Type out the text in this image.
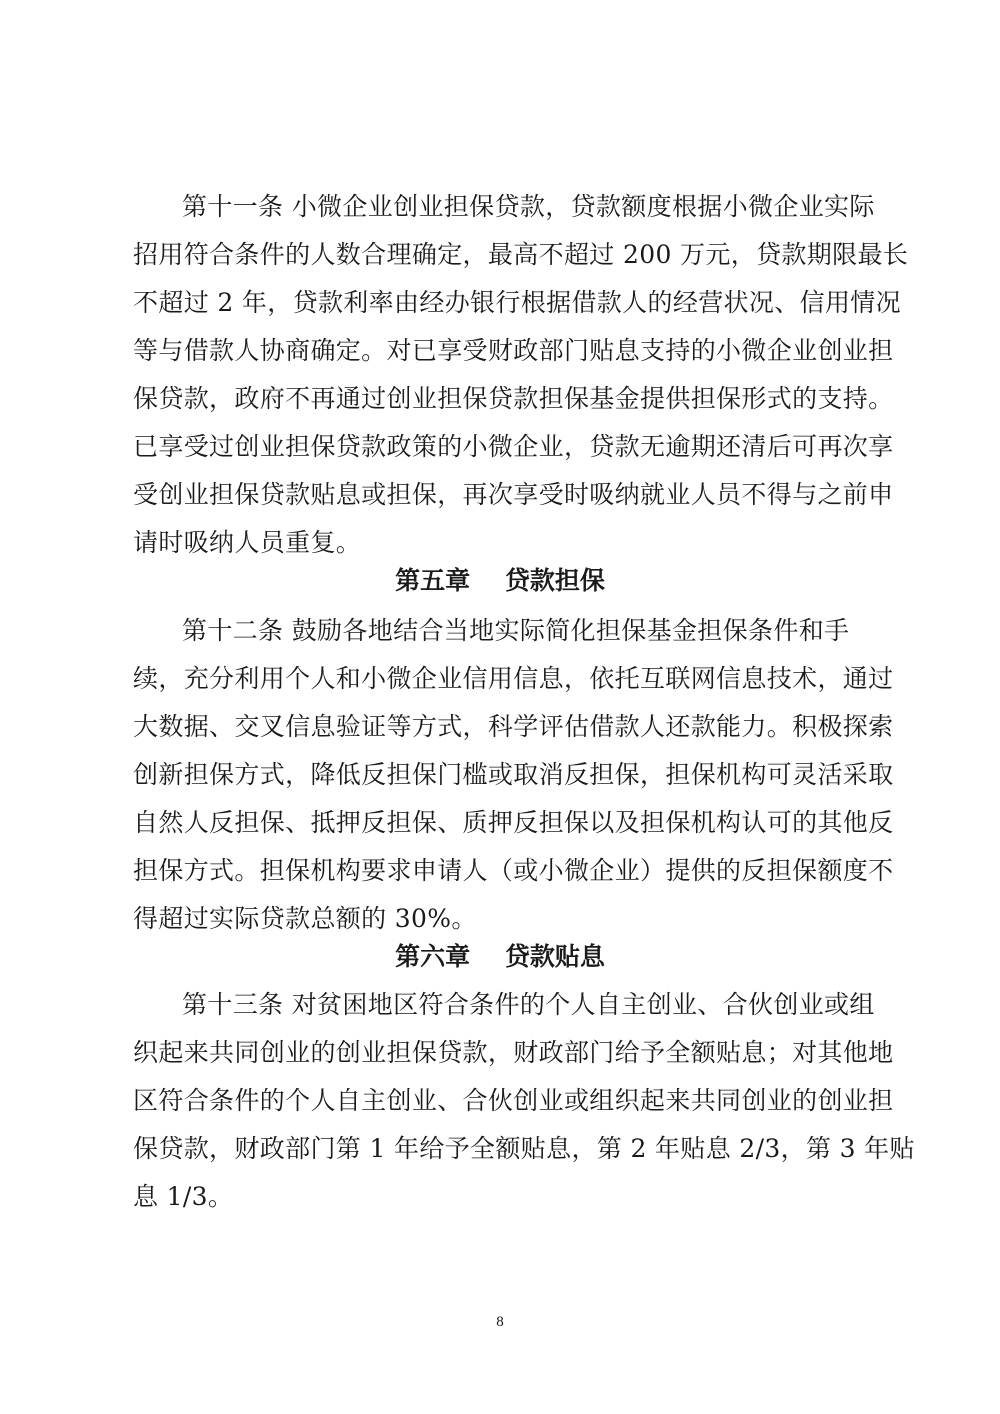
第十一条 小微企业创业担保贷款，贷款额度根据小微企业实际
招用符合条件的人数合理确定，最高不超过 200 万元，贷款期限最长
不超过 2 年，贷款利率由经办银行根据借款人的经营状况、信用情况
等与借款人协商确定。对已享受财政部门贴息支持的小微企业创业担
保贷款，政府不再通过创业担保贷款担保基金提供担保形式的支持。
已享受过创业担保贷款政策的小微企业，贷款无逾期还清后可再次享
受创业担保贷款贴息或担保，再次享受时吸纳就业人员不得与之前申
请时吸纳人员重复。
第五章    贷款担保
第十二条 鼓励各地结合当地实际简化担保基金担保条件和手
续，充分利用个人和小微企业信用信息，依托互联网信息技术，通过
大数据、交叉信息验证等方式，科学评估借款人还款能力。积极探索
创新担保方式，降低反担保门槛或取消反担保，担保机构可灵活采取
自然人反担保、抵押反担保、质押反担保以及担保机构认可的其他反
担保方式。担保机构要求申请人（或小微企业）提供的反担保额度不
得超过实际贷款总额的 30%。
第六章    贷款贴息
第十三条 对贫困地区符合条件的个人自主创业、合伙创业或组
织起来共同创业的创业担保贷款，财政部门给予全额贴息；对其他地
区符合条件的个人自主创业、合伙创业或组织起来共同创业的创业担
保贷款，财政部门第 1 年给予全额贴息，第 2 年贴息 2/3，第 3 年贴
息 1/3。
8
